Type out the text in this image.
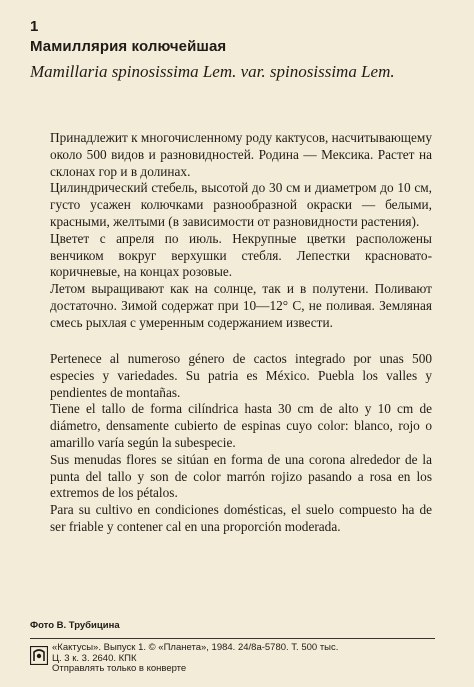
1
Мамиллярия колючейшая
Mamillaria spinosissima Lem. var. spinosissima Lem.

Принадлежит к многочисленному роду кактусов, насчитывающему около 500 видов и разновидностей. Родина — Мексика. Растет на склонах гор и в долинах.

Цилиндрический стебель, высотой до 30 см и диаметром до 10 см, густо усажен колючками разнообразной окраски — белыми, красными, желтыми (в зависимости от разновидности растения).

Цветет с апреля по июль. Некрупные цветки расположены венчиком вокруг верхушки стебля. Лепестки красновато-коричневые, на концах розовые.

Летом выращивают как на солнце, так и в полутени. Поливают достаточно. Зимой содержат при 10—12° С, не поливая. Земляная смесь рыхлая с умеренным содержанием извести.

Pertenece al numeroso género de cactos integrado por unas 500 especies y variedades. Su patria es México. Puebla los valles y pendientes de montañas.

Tiene el tallo de forma cilíndrica hasta 30 cm de alto y 10 cm de diámetro, densamente cubierto de espinas cuyo color: blanco, rojo o amarillo varía según la subespecie.

Sus menudas flores se sitúan en forma de una corona alrededor de la punta del tallo y son de color marrón rojizo pasando a rosa en los extremos de los pétalos.

Para su cultivo en condiciones domésticas, el suelo compuesto ha de ser friable y contener cal en una proporción moderada.

Фото В. Трубицина
«Кактусы». Выпуск 1. © «Планета», 1984. 24/8а-5780. Т. 500 тыс.
Ц. 3 к. 3. 2640. КПК
Отправлять только в конверте
